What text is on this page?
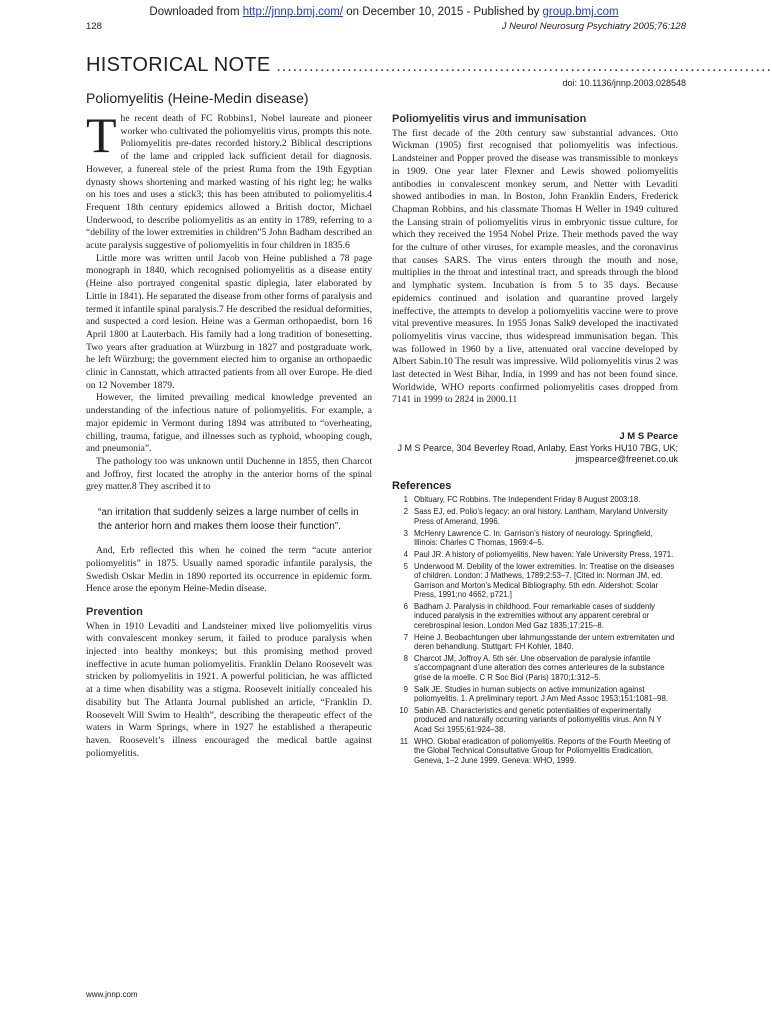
Downloaded from http://jnnp.bmj.com/ on December 10, 2015 - Published by group.bmj.com
128	J Neurol Neurosurg Psychiatry 2005;76:128
HISTORICAL NOTE ...........................................................................................
doi: 10.1136/jnnp.2003.028548
Poliomyelitis (Heine-Medin disease)

The recent death of FC Robbins1, Nobel laureate and pioneer worker who cultivated the poliomyelitis virus, prompts this note. Poliomyelitis pre-dates recorded history.2 Biblical descriptions of the lame and crippled lack sufficient detail for diagnosis. However, a funereal stele of the priest Ruma from the 19th Egyptian dynasty shows shortening and marked wasting of his right leg; he walks on his toes and uses a stick3; this has been attributed to poliomyelitis.4 Frequent 18th century epidemics allowed a British doctor, Michael Underwood, to describe poliomyelitis as an entity in 1789, referring to a “debility of the lower extremities in children”5 John Badham described an acute paralysis suggestive of poliomyelitis in four children in 1835.6

Little more was written until Jacob von Heine published a 78 page monograph in 1840, which recognised poliomyelitis as a disease entity (Heine also portrayed congenital spastic diplegia, later elaborated by Little in 1841). He separated the disease from other forms of paralysis and termed it infantile spinal paralysis.7 He described the residual deformities, and suspected a cord lesion. Heine was a German orthopaedist, born 16 April 1800 at Lauterbach. His family had a long tradition of bonesetting. Two years after graduation at Würzburg in 1827 and postgraduate work, he left Würzburg; the government elected him to organise an orthopaedic clinic in Cannstatt, which attracted patients from all over Europe. He died on 12 November 1879.

However, the limited prevailing medical knowledge prevented an understanding of the infectious nature of poliomyelitis. For example, a major epidemic in Vermont during 1894 was attributed to “overheating, chilling, trauma, fatigue, and illnesses such as typhoid, whooping cough, and pneumonia”.

The pathology too was unknown until Duchenne in 1855, then Charcot and Joffroy, first located the atrophy in the anterior horns of the spinal grey matter.8 They ascribed it to

“an irritation that suddenly seizes a large number of cells in the anterior horn and makes them loose their function”.

And, Erb reflected this when he coined the term “acute anterior poliomyelitis” in 1875. Usually named sporadic infantile paralysis, the Swedish Oskar Medin in 1890 reported its occurrence in epidemic form. Hence arose the eponym Heine-Medin disease.

Prevention

When in 1910 Levaditi and Landsteiner mixed live poliomyelitis virus with convalescent monkey serum, it failed to produce paralysis when injected into healthy monkeys; but this promising method proved ineffective in acute human poliomyelitis. Franklin Delano Roosevelt was stricken by poliomyelitis in 1921. A powerful politician, he was afflicted at a time when disability was a stigma. Roosevelt initially concealed his disability but The Atlanta Journal published an article, “Franklin D. Roosevelt Will Swim to Health”, describing the therapeutic effect of the waters in Warm Springs, where in 1927 he established a therapeutic haven. Roosevelt’s illness encouraged the medical battle against poliomyelitis.

Poliomyelitis virus and immunisation

The first decade of the 20th century saw substantial advances. Otto Wickman (1905) first recognised that poliomyelitis was infectious. Landsteiner and Popper proved the disease was transmissible to monkeys in 1909. One year later Flexner and Lewis showed poliomyelitis antibodies in convalescent monkey serum, and Netter with Levaditi showed antibodies in man. In Boston, John Franklin Enders, Frederick Chapman Robbins, and his classmate Thomas H Weller in 1949 cultured the Lansing strain of poliomyelitis virus in embryonic tissue culture, for which they received the 1954 Nobel Prize. Their methods paved the way for the culture of other viruses, for example measles, and the coronavirus that causes SARS. The virus enters through the mouth and nose, multiplies in the throat and intestinal tract, and spreads through the blood and lymphatic system. Incubation is from 5 to 35 days. Because epidemics continued and isolation and quarantine proved largely ineffective, the attempts to develop a poliomyelitis vaccine were to prove vital preventive measures. In 1955 Jonas Salk9 developed the inactivated poliomyelitis virus vaccine, thus widespread immunisation began. This was followed in 1960 by a live, attenuated oral vaccine developed by Albert Sabin.10 The result was impressive. Wild poliomyelitis virus 2 was last detected in West Bihar, India, in 1999 and has not been found since. Worldwide, WHO reports confirmed poliomyelitis cases dropped from 7141 in 1999 to 2824 in 2000.11

J M S Pearce
J M S Pearce, 304 Beverley Road, Anlaby, East Yorks HU10 7BG, UK;
jmspearce@freenet.co.uk
References
1 Obituary, FC Robbins. The Independent Friday 8 August 2003:18.
2 Sass EJ, ed. Polio’s legacy: an oral history. Lantham, Maryland University Press of Amerand, 1996.
3 McHenry Lawrence C. In: Garrison’s history of neurology. Springfield, Illinois: Charles C Thomas, 1969:4–5.
4 Paul JR. A history of poliomyelitis. New haven: Yale University Press, 1971.
5 Underwood M. Debility of the lower extremities. In: Treatise on the diseases of children. London: J Mathews, 1789;2:53–7. [Cited in: Norman JM, ed. Garrison and Morton’s Medical Bibliography. 5th edn. Aldershot: Scolar Press, 1991;no 4662, p721.]
6 Badham J. Paralysis in childhood. Four remarkable cases of suddenly induced paralysis in the extremities without any apparent cerebral or cerebrospinal lesion. London Med Gaz 1835;17:215–8.
7 Heine J. Beobachtungen uber lahmungsstande der untern extremitaten und deren behandlung. Stuttgart: FH Kohler, 1840.
8 Charcot JM, Joffroy A. 5th sér. Une observation de paralysie infantile s’accompagnant d’une alteration des cornes anterieures de la substance grise de la moelle. C R Soc Biol (Paris) 1870;1:312–5.
9 Salk JE. Studies in human subjects on active immunization against poliomyelitis. 1. A preliminary report. J Am Med Assoc 1953;151:1081–98.
10 Sabin AB. Characteristics and genetic potentialities of experimentally produced and naturally occurring variants of poliomyelitis virus. Ann N Y Acad Sci 1955;61:924–38.
11 WHO. Global eradication of poliomyelitis. Reports of the Fourth Meeting of the Global Technical Consultative Group for Poliomyelitis Eradication, Geneva, 1–2 June 1999. Geneva: WHO, 1999.
www.jnnp.com
